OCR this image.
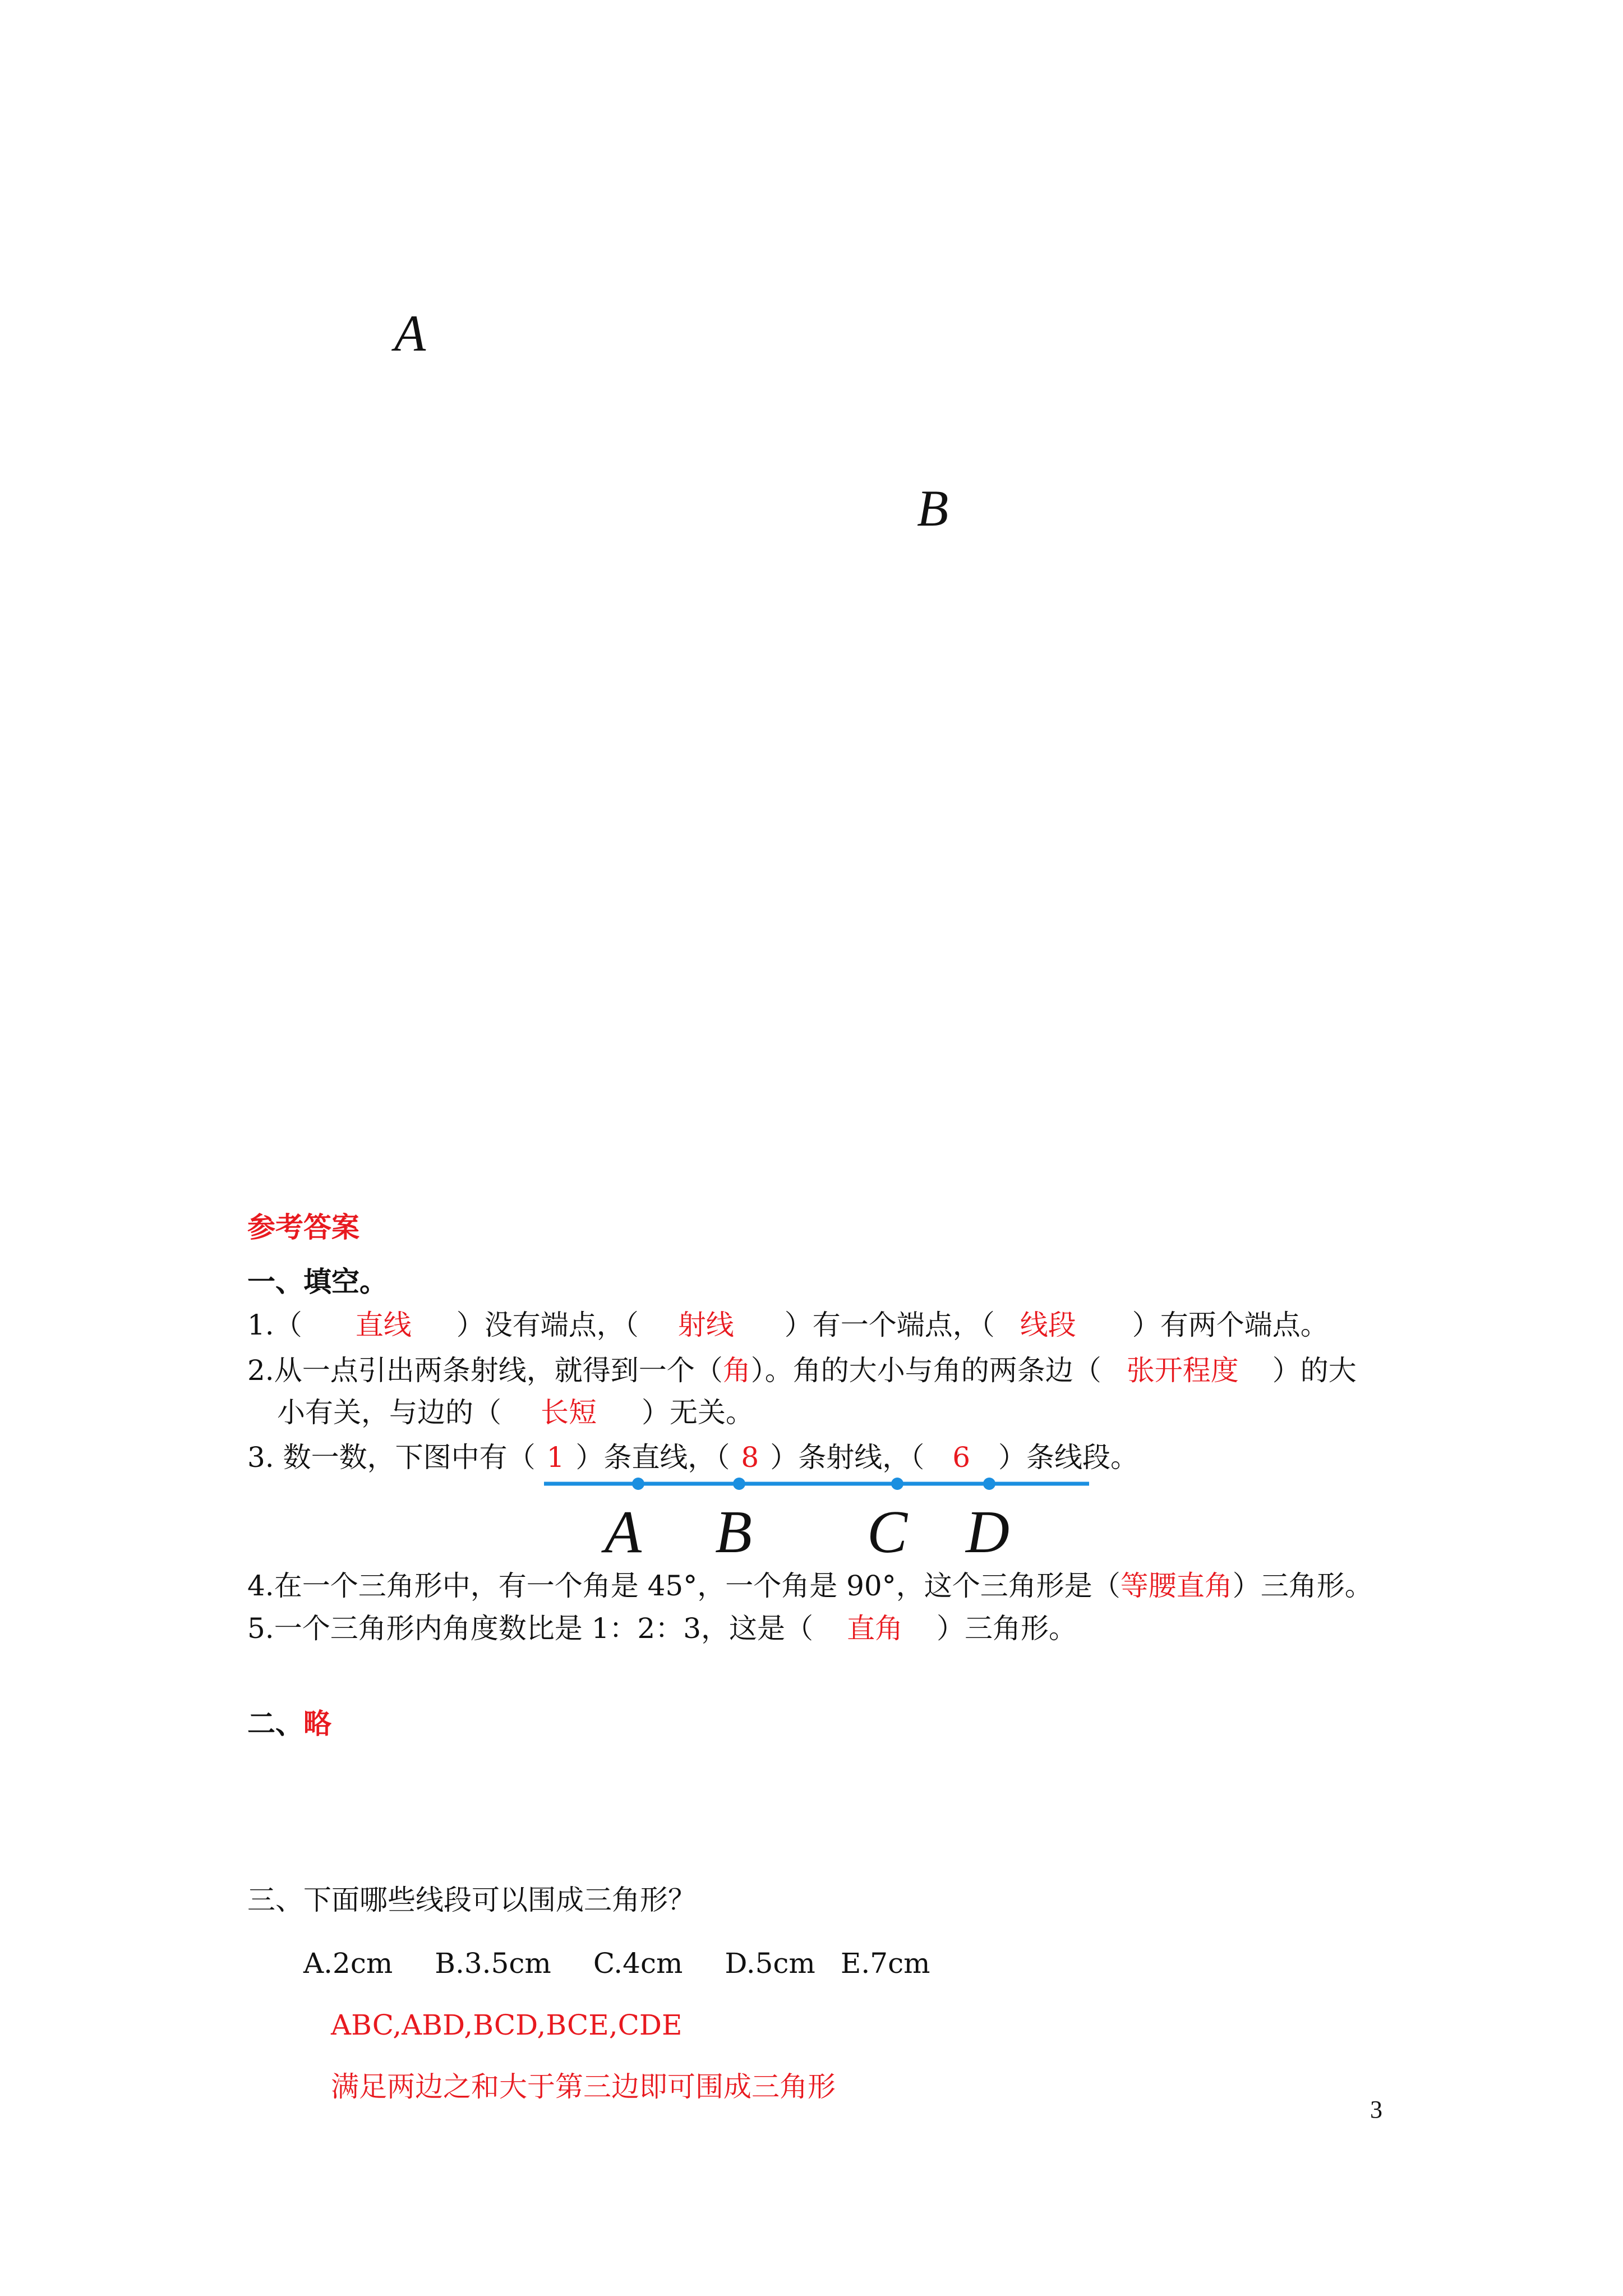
A
B
参考答案
一、填空。
1.（ 直线 ）没有端点，（ 射线 ）有一个端点，（ 线段 ）有两个端点。
2.从一点引出两条射线，就得到一个（角）。角的大小与角的两条边（ 张开程度 ）的大
小有关，与边的（ 长短 ）无关。
3. 数一数，下图中有（ 1 ）条直线，（ 8 ）条射线，（ 6 ）条线段。
A B C D
4.在一个三角形中，有一个角是 45°，一个角是 90°，这个三角形是（等腰直角）三角形。
5.一个三角形内角度数比是 1：2：3，这是（ 直角 ）三角形。
二、略
三、下面哪些线段可以围成三角形？
A.2cm B.3.5cm C.4cm D.5cm E.7cm
ABC,ABD,BCD,BCE,CDE
满足两边之和大于第三边即可围成三角形
3
